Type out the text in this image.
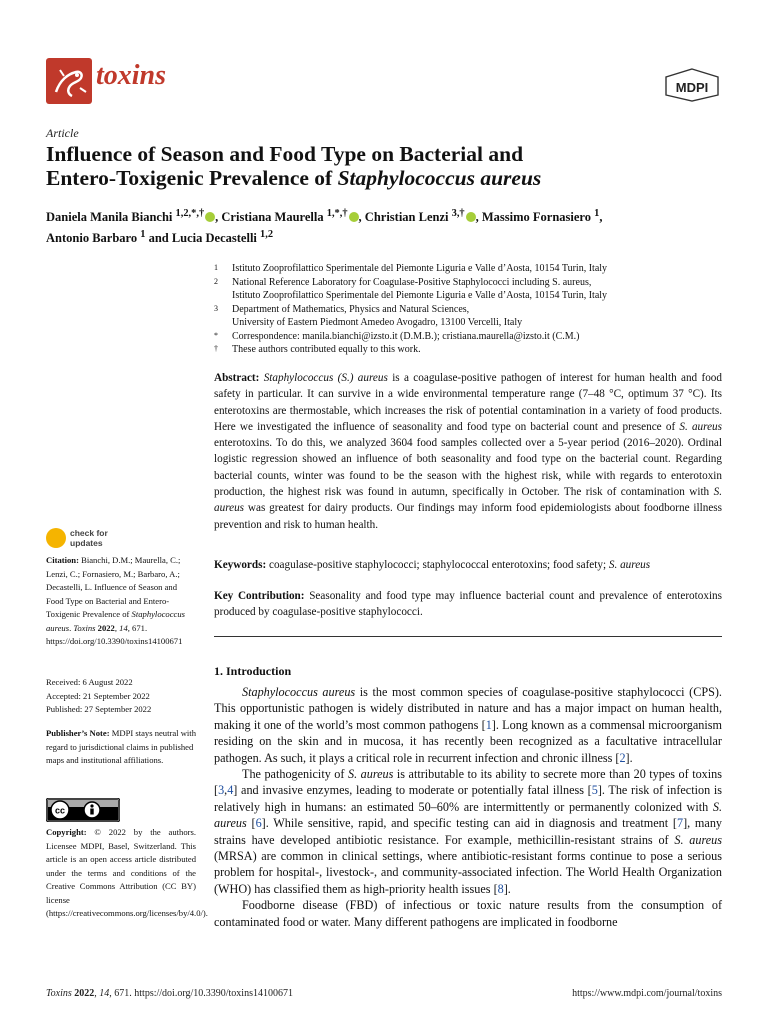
toxins	MDPI
Article
Influence of Season and Food Type on Bacterial and
Entero-Toxigenic Prevalence of Staphylococcus aureus
Daniela Manila Bianchi $^{1,2,*,\dagger}$ , Cristiana Maurella $^{1,*,\dagger}$ , Christian Lenzi $^{3,\dagger}$ , Massimo Fornasiero $^1$,
Antonio Barbaro $^1$ and Lucia Decastelli $^{1,2}$
1	Istituto Zooprofilattico Sperimentale del Piemonte Liguria e Valle d’Aosta, 10154 Turin, Italy
2	National Reference Laboratory for Coagulase-Positive Staphylococci including S. aureus,
Istituto Zooprofilattico Sperimentale del Piemonte Liguria e Valle d’Aosta, 10154 Turin, Italy
3	Department of Mathematics, Physics and Natural Sciences,
University of Eastern Piedmont Amedeo Avogadro, 13100 Vercelli, Italy
*	Correspondence: manila.bianchi@izsto.it (D.M.B.); cristiana.maurella@izsto.it (C.M.)
†	These authors contributed equally to this work.
Abstract: Staphylococcus (S.) aureus is a coagulase-positive pathogen of interest for human health and food safety in particular. It can survive in a wide environmental temperature range (7–48 °C, optimum 37 °C). Its enterotoxins are thermostable, which increases the risk of potential contamination in a variety of food products. Here we investigated the influence of seasonality and food type on bacterial count and presence of S. aureus enterotoxins. To do this, we analyzed 3604 food samples collected over a 5-year period (2016–2020). Ordinal logistic regression showed an influence of both seasonality and food type on the bacterial count. Regarding bacterial counts, winter was found to be the season with the highest risk, while with regards to enterotoxin production, the highest risk was found in autumn, specifically in October. The risk of contamination with S. aureus was greatest for dairy products. Our findings may inform food epidemiologists about foodborne illness prevention and risk to human health.
Keywords: coagulase-positive staphylococci; staphylococcal enterotoxins; food safety; S. aureus
Key Contribution: Seasonality and food type may influence bacterial count and prevalence of enterotoxins produced by coagulase-positive staphylococci.
1. Introduction

Staphylococcus aureus is the most common species of coagulase-positive staphylococci (CPS). This opportunistic pathogen is widely distributed in nature and has a major impact on human health, making it one of the world’s most common pathogens [1]. Long known as a commensal microorganism residing on the skin and in mucosa, it has recently been recognized as a facultative intracellular pathogen. As such, it plays a critical role in recurrent infection and chronic illness [2].

The pathogenicity of S. aureus is attributable to its ability to secrete more than 20 types of toxins [3,4] and invasive enzymes, leading to moderate or potentially fatal illness [5]. The risk of infection is relatively high in humans: an estimated 50–60% are intermittently or permanently colonized with S. aureus [6]. While sensitive, rapid, and specific testing can aid in diagnosis and treatment [7], many strains have developed antibiotic resistance. For example, methicillin-resistant strains of S. aureus (MRSA) are common in clinical settings, where antibiotic-resistant forms continue to pose a serious problem for hospital-, livestock-, and community-associated infection. The World Health Organization (WHO) has classified them as high-priority health issues [8].

Foodborne disease (FBD) of infectious or toxic nature results from the consumption of contaminated food or water. Many different pathogens are implicated in foodborne

check for
updates
Citation: Bianchi, D.M.; Maurella, C.; Lenzi, C.; Fornasiero, M.; Barbaro, A.; Decastelli, L. Influence of Season and Food Type on Bacterial and Entero-Toxigenic Prevalence of Staphylococcus aureus. Toxins 2022, 14, 671. https://doi.org/10.3390/toxins14100671
Received: 6 August 2022
Accepted: 21 September 2022
Published: 27 September 2022
Publisher’s Note: MDPI stays neutral with regard to jurisdictional claims in published maps and institutional affiliations.
cc
Copyright: © 2022 by the authors. Licensee MDPI, Basel, Switzerland. This article is an open access article distributed under the terms and conditions of the Creative Commons Attribution (CC BY) license (https://creativecommons.org/licenses/by/4.0/).
Toxins 2022, 14, 671. https://doi.org/10.3390/toxins14100671	https://www.mdpi.com/journal/toxins
